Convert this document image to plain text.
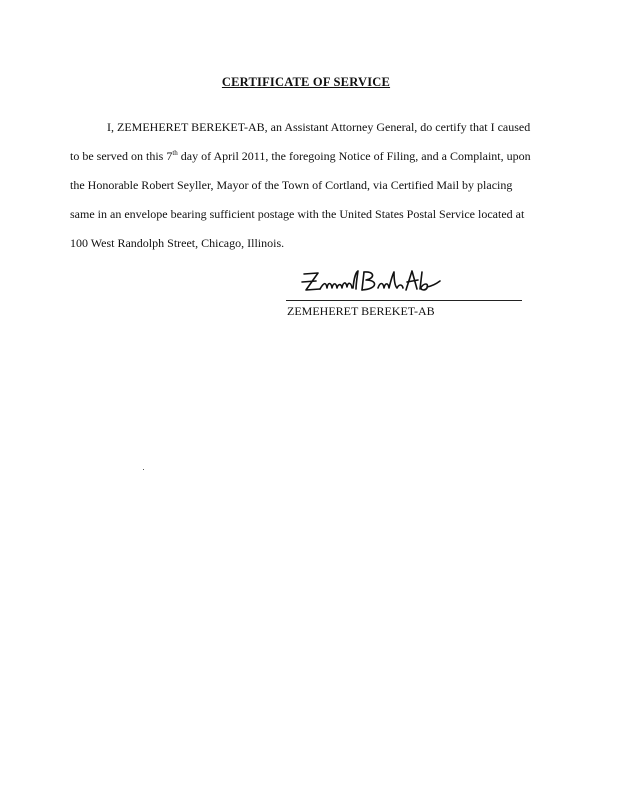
CERTIFICATE OF SERVICE
I, ZEMEHERET BEREKET-AB, an Assistant Attorney General, do certify that I caused
to be served on this 7th day of April 2011, the foregoing Notice of Filing, and a Complaint, upon
the Honorable Robert Seyller, Mayor of the Town of Cortland, via Certified Mail by placing
same in an envelope bearing sufficient postage with the United States Postal Service located at
100 West Randolph Street, Chicago, Illinois.
ZEMEHERET BEREKET-AB
